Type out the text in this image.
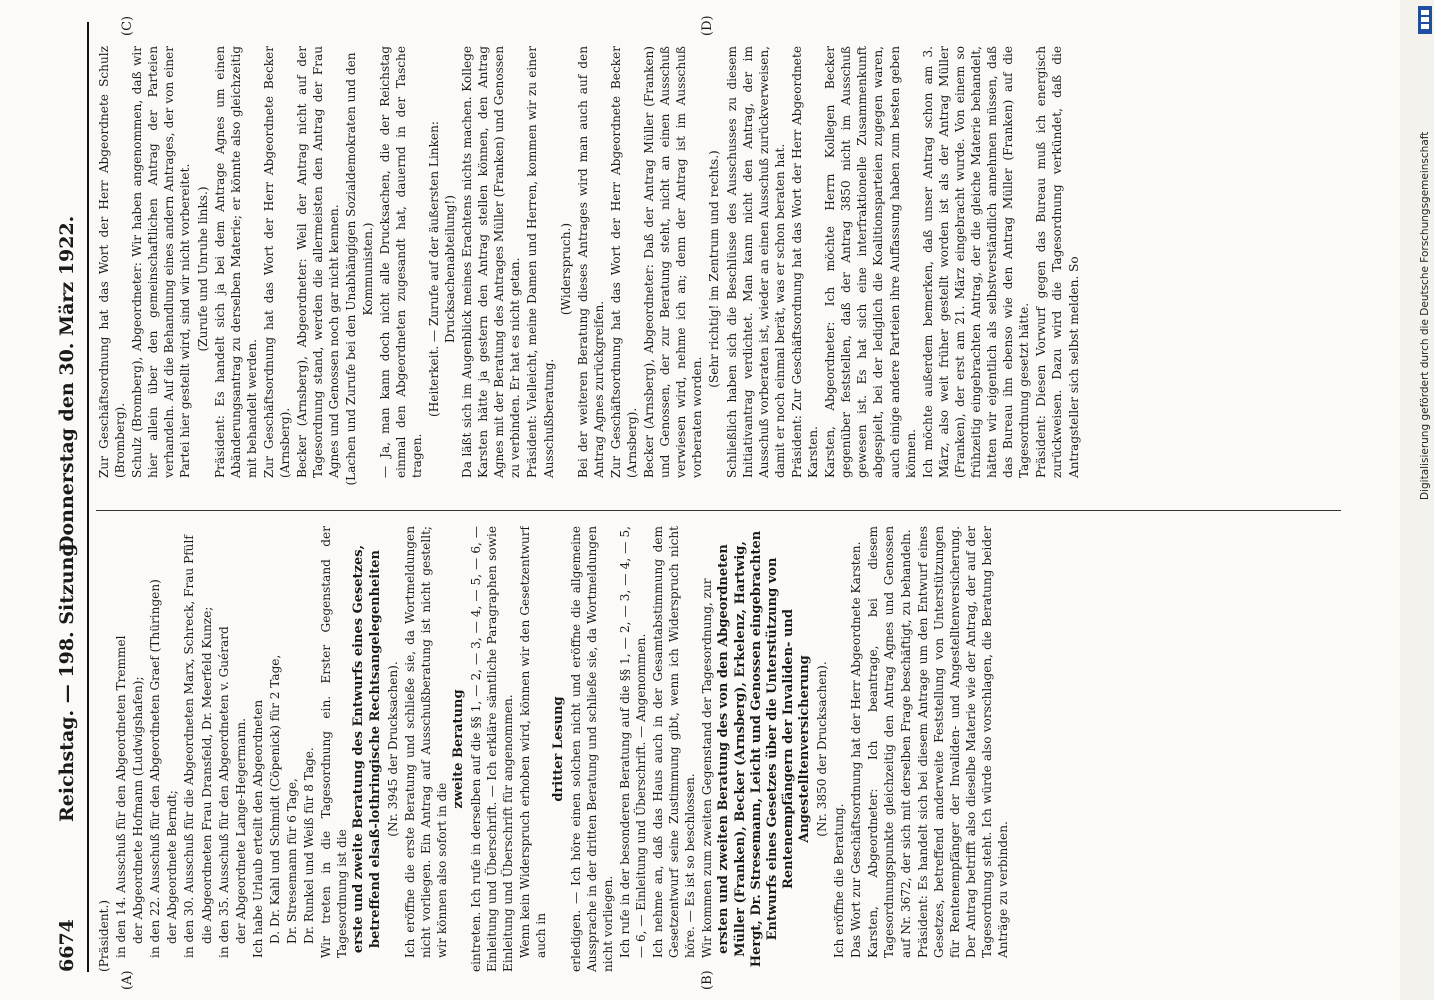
6674
Reichstag. — 198. Sitzung.
Donnerstag den 30. März 1922.
(A)	(B)
(C)	(D)

(Präsident.) in den 14. Ausschuß für den Abgeordneten Tremmel der Abgeordnete Hofmann (Ludwigshafen); in den 22. Ausschuß für den Abgeordneten Graef (Thüringen) der Abgeordnete Berndt; in den 30. Ausschuß für die Abgeordneten Marx, Schreck, Frau Pfülf die Abgeordneten Frau Dransfeld, Dr. Meerfeld Kunze; in den 35. Ausschuß für den Abgeordneten v. Guérard der Abgeordnete Lange-Hegermann. Ich habe Urlaub erteilt den Abgeordneten D. Dr. Kahl und Schmidt (Cöpenick) für 2 Tage, Dr. Stresemann für 6 Tage, Dr. Runkel und Weiß für 8 Tage. Wir treten in die Tagesordnung ein. Erster Gegenstand der Tagesordnung ist die erste und zweite Beratung des Entwurfs eines Gesetzes, betreffend elsaß-lothringische Rechtsangelegenheiten (Nr. 3945 der Drucksachen). Ich eröffne die erste Beratung und schließe sie, da Wortmeldungen nicht vorliegen. Ein Antrag auf Ausschußberatung ist nicht gestellt; wir können also sofort in die

zweite Beratung eintreten. Ich rufe in derselben auf die §§ 1, — 2, — 3, — 4, — 5, — 6, — Einleitung und Überschrift. — Ich erkläre sämtliche Paragraphen sowie Einleitung und Überschrift für angenommen. Wenn kein Widerspruch erhoben wird, können wir den Gesetzentwurf auch in

dritter Lesung erledigen. — Ich höre einen solchen nicht und eröffne die allgemeine Aussprache in der dritten Beratung und schließe sie, da Wortmeldungen nicht vorliegen. Ich rufe in der besonderen Beratung auf die §§ 1, — 2, — 3, — 4, — 5, — 6, — Einleitung und Überschrift. — Angenommen. Ich nehme an, daß das Haus auch in der Gesamtabstimmung dem Gesetzentwurf seine Zustimmung gibt, wenn ich Widerspruch nicht höre. — Es ist so beschlossen. Wir kommen zum zweiten Gegenstand der Tagesordnung, zur ersten und zweiten Beratung des von den Abgeordneten Müller (Franken), Becker (Arnsberg), Erkelenz, Hartwig, Hergt, Dr. Stresemann, Leicht und Genossen eingebrachten Entwurfs eines Gesetzes über die Unterstützung von Rentenempfängern der Invaliden- und Angestelltenversicherung (Nr. 3850 der Drucksachen).

Ich eröffne die Beratung. Das Wort zur Geschäftsordnung hat der Herr Abgeordnete Karsten. Karsten, Abgeordneter: Ich beantrage, bei diesem Tagesordnungspunkte gleichzeitig den Antrag Agnes und Genossen auf Nr. 3672, der sich mit derselben Frage beschäftigt, zu behandeln. Präsident: Es handelt sich bei diesem Antrage um den Entwurf eines Gesetzes, betreffend anderweite Feststellung von Unterstützungen für Rentenempfänger der Invaliden- und Angestelltenversicherung. Der Antrag betrifft also dieselbe Materie wie der Antrag, der auf der Tagesordnung steht. Ich würde also vorschlagen, die Beratung beider Anträge zu verbinden.

Zur Geschäftsordnung hat das Wort der Herr Abgeordnete Schulz (Bromberg). Schulz (Bromberg), Abgeordneter: Wir haben angenommen, daß wir hier allein über den gemeinschaftlichen Antrag der Parteien verhandeln. Auf die Behandlung eines andern Antrages, der von einer Partei hier gestellt wird, sind wir nicht vorbereitet. (Zurufe und Unruhe links.) Präsident: Es handelt sich ja bei dem Antrage Agnes um einen Abänderungsantrag zu derselben Materie; er könnte also gleichzeitig mit behandelt werden. Zur Geschäftsordnung hat das Wort der Herr Abgeordnete Becker (Arnsberg). Becker (Arnsberg), Abgeordneter: Weil der Antrag nicht auf der Tagesordnung stand, werden die allermeisten den Antrag der Frau Agnes und Genossen noch gar nicht kennen. (Lachen und Zurufe bei den Unabhängigen Sozialdemokraten und den Kommunisten.) — Ja, man kann doch nicht alle Drucksachen, die der Reichstag einmal den Abgeordneten zugesandt hat, dauernd in der Tasche tragen.

(Heiterkeit. — Zurufe auf der äußersten Linken: Drucksachenabteilung!) Da läßt sich im Augenblick meines Erachtens nichts machen. Kollege Karsten hätte ja gestern den Antrag stellen können, den Antrag Agnes mit der Beratung des Antrages Müller (Franken) und Genossen zu verbinden. Er hat es nicht getan. Präsident: Vielleicht, meine Damen und Herren, kommen wir zu einer Ausschußberatung.

(Widerspruch.) Bei der weiteren Beratung dieses Antrages wird man auch auf den Antrag Agnes zurückgreifen. Zur Geschäftsordnung hat das Wort der Herr Abgeordnete Becker (Arnsberg). Becker (Arnsberg), Abgeordneter: Daß der Antrag Müller (Franken) und Genossen, der zur Beratung steht, nicht an einen Ausschuß verwiesen wird, nehme ich an; denn der Antrag ist im Ausschuß vorberaten worden.

(Sehr richtig! im Zentrum und rechts.) Schließlich haben sich die Beschlüsse des Ausschusses zu diesem Initiativantrag verdichtet. Man kann nicht den Antrag, der im Ausschuß vorberaten ist, wieder an einen Ausschuß zurückverweisen, damit er noch einmal berät, was er schon beraten hat. Präsident: Zur Geschäftsordnung hat das Wort der Herr Abgeordnete Karsten. Karsten, Abgeordneter: Ich möchte Herrn Kollegen Becker gegenüber feststellen, daß der Antrag 3850 nicht im Ausschuß gewesen ist. Es hat sich eine interfraktionelle Zusammenkunft abgespielt, bei der lediglich die Koalitionsparteien zugegen waren, auch einige andere Parteien ihre Auffassung haben zum besten geben können. Ich möchte außerdem bemerken, daß unser Antrag schon am 3. März, also weit früher gestellt worden ist als der Antrag Müller (Franken), der erst am 21. März eingebracht wurde. Von einem so frühzeitig eingebrachten Antrag, der die gleiche Materie behandelt, hätten wir eigentlich als selbstverständlich annehmen müssen, daß das Bureau ihn ebenso wie den Antrag Müller (Franken) auf die Tagesordnung gesetzt hätte. Präsident: Diesen Vorwurf gegen das Bureau muß ich energisch zurückweisen. Dazu wird die Tagesordnung verkündet, daß die Antragsteller sich selbst melden. So	Digitalisierung gefördert durch die Deutsche Forschungsgemeinschaft
